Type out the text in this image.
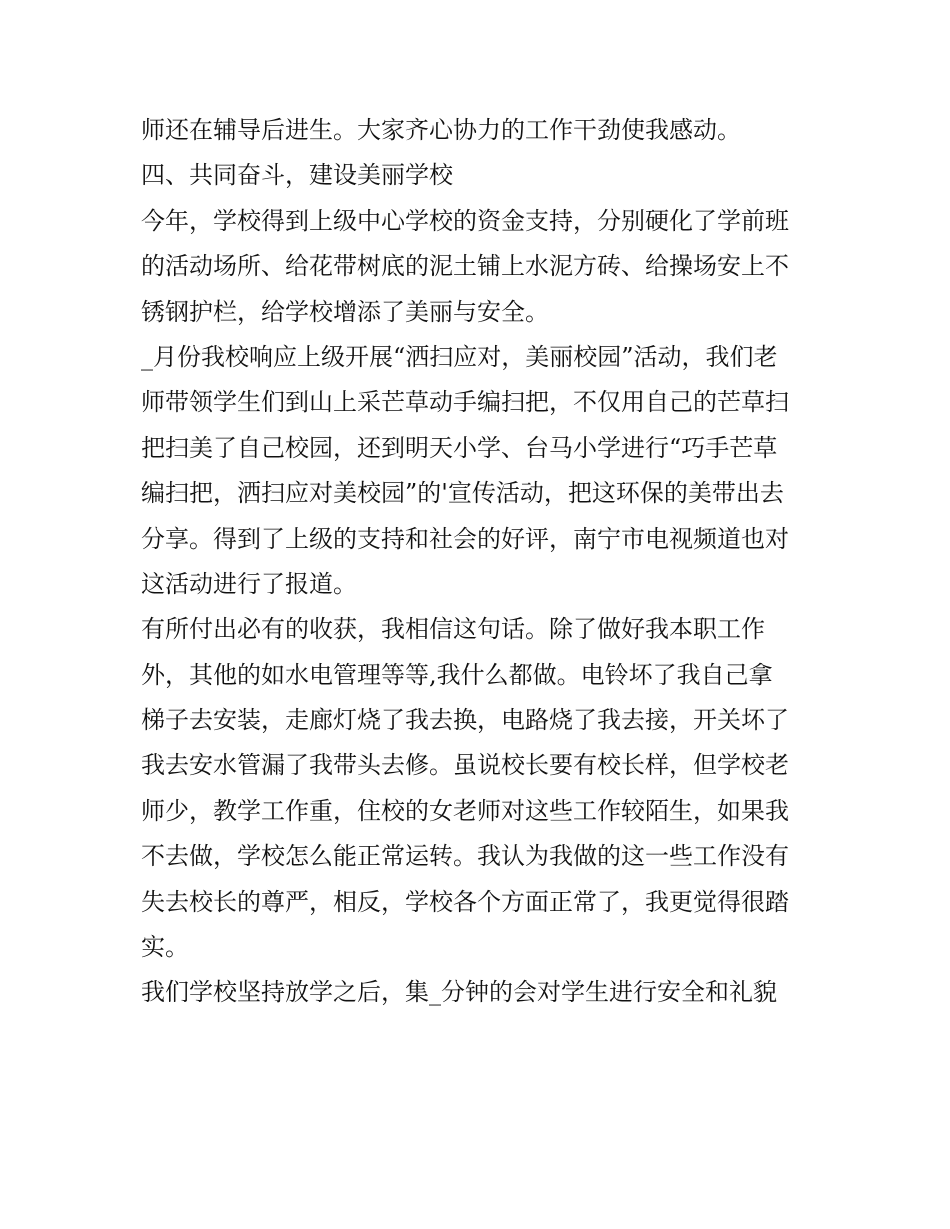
师还在辅导后进生。大家齐心协力的工作干劲使我感动。
四、共同奋斗，建设美丽学校
今年，学校得到上级中心学校的资金支持，分别硬化了学前班
的活动场所、给花带树底的泥土铺上水泥方砖、给操场安上不
锈钢护栏，给学校增添了美丽与安全。
_月份我校响应上级开展“洒扫应对，美丽校园”活动，我们老
师带领学生们到山上采芒草动手编扫把，不仅用自己的芒草扫
把扫美了自己校园，还到明天小学、台马小学进行“巧手芒草
编扫把，洒扫应对美校园”的'宣传活动，把这环保的美带出去
分享。得到了上级的支持和社会的好评，南宁市电视频道也对
这活动进行了报道。
有所付出必有的收获，我相信这句话。除了做好我本职工作
外，其他的如水电管理等等,我什么都做。电铃坏了我自己拿
梯子去安装，走廊灯烧了我去换，电路烧了我去接，开关坏了
我去安水管漏了我带头去修。虽说校长要有校长样，但学校老
师少，教学工作重，住校的女老师对这些工作较陌生，如果我
不去做，学校怎么能正常运转。我认为我做的这一些工作没有
失去校长的尊严，相反，学校各个方面正常了，我更觉得很踏
实。
我们学校坚持放学之后，集_分钟的会对学生进行安全和礼貌
